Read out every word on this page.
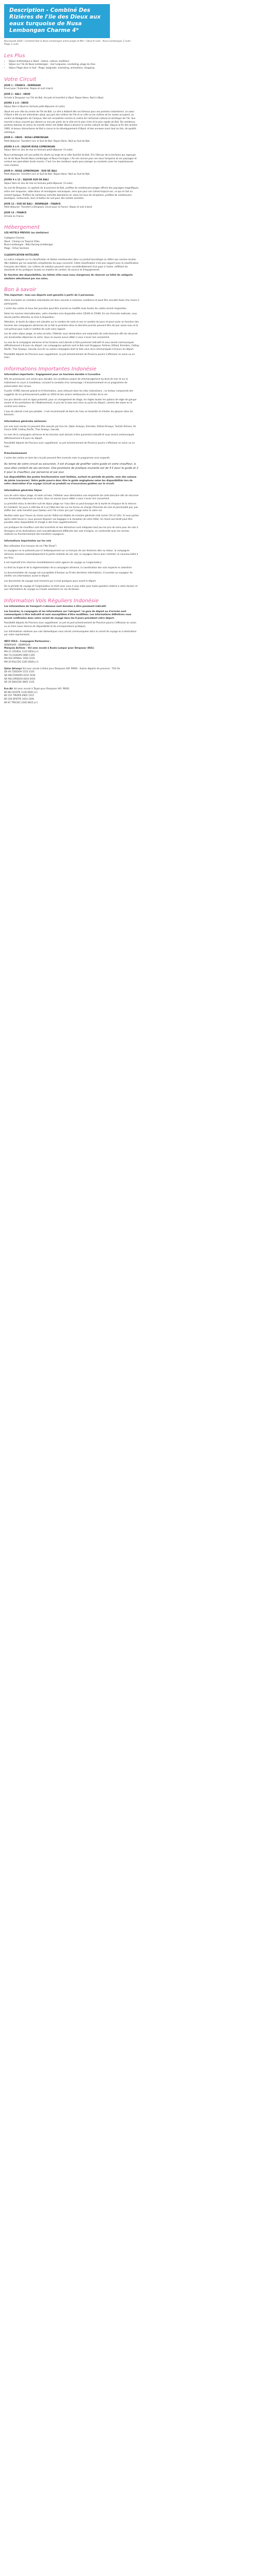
Description - Combiné Des Rizières de l'île des Dieux aux eaux turquoise de Nusa Lembongan Charme 4*
Nouveauté 2026 ! Combiné Bali & Nusa Lembongan entre Jungle et Mer ! Ubud 4 nuits - Nusa Lembongan 3 nuits - Plage 3 nuits
Les Plus
• Séjour Authentique à Ubud : nature, culture, traditions
• Séjour sur l'île de Nusa Lembongan : mer turquoise, snorkeling, plage de rêve
• Séjour Plage dans le Sud : Plage, baignade, snorkeling, animations, shopping
Votre Circuit
JOUR 1 : FRANCE - DENPASAR

Envol pour l'Indonésie. Repas et nuit à bord.

JOUR 2 : BALI - UBUD

Arrivée à Denpasar sur l'île de Bali. Accueil et transfert à Ubud. Repas libres. Nuit à Ubud.

JOURS 2 à 6 : UBUD

Séjour libre à Ubud en formule petit-déjeuner (4 nuits).

Ubud est une ville du centre de l'île de Bali. La ville a élaboré été ces fameux pour ses peintres indonésiens. Le cœur d'Ubud a été ou est indonésien ubud, qui part des rizières de l'île et un ville ou les rizières et les routes occupent, au centre du Balagendre de Campuo. Elle est considérée comme le centre de l'artisanat culturel et artistique de l'île. Son marché a deux couvert qui vibrent un moi par partir de la ville est le plus riche et le plus rapide de Bali. De nombreux peintres balinais et venus du monde entier ont établi Ubud à devenir le centre culturel de Bali. Depuis la fin des années 1960, le beaux interurbaine de Bali a connu le du développement d'Ubud, et des annexes avoir tout au fois, de qualité artistique.

JOUR 6 : UBUD - NUSA LEMBONGAN

Petit-déjeuner. Transfert vers le Sud de Bali. Repas libres. Nuit au Sud de Bali.

JOURS 6 à 9 : SEJOUR NUSA LEMBONGAN

Séjour libre en lieu de mai en formule petit-déjeuner (3 nuits).

Nusa Lembongan est une petite île située au large de la côte Sud-Est de Bali. D'à l'été par de la territoire qui regroupe les île de Nusa Penida Nusa Lembongan et Nusa Ceningan. L'île est connue pour ses eaux turquoise et ses paysages et surtout ses splendides fonds marins. C'est l'un des meilleurs spots pour plonger ou snorkeler avec les majestueuses raies mantas.

JOUR 9 : NUSA LEMBONGAN - SUD DE BALI

Petit-déjeuner. Transfert vers le Sud de Bali. Repas libres. Nuit au Sud de Bali.

JOURS 9 à 12 : SEJOUR SUD DE BALI

Séjour libre en lieu de mai en formule petit-déjeuner (3 nuits).

Au sud de Denpasar, la capitale de la province de Bali, profitez de nombreuses plages offrant des paysages magnifiques, entre mer turquoise, sable blanc et montagnes volcaniques, ainsi que pour son climat tropical sec, ce qui en fait un endroit typique. Profitez de nombreux activités balnéaires et, selon les tous de réceptions, profitez de nombreuses boutiques, restaurants, bars et boîtes de nuit pour des soirées animées.

JOUR 12 : SUD DE BALI - DENPASAR - FRANCE

Petit-déjeuner. Transfert à Denpasar. Envol pour la France. Repas et nuit à bord.

JOUR 13 : FRANCE

Arrivée en France.

Hébergement

LES HOTELS PREVUS (ou similaires)

Catégorie Charme

Ubud : Champ Lio Tropical Villas

Nusa Lembongan : Batu Karang Lembongan

Plage : Octus Sanliane

CLASSIFICATION HOTELIERE

La notice indiquée sur la classification et étoiles mentionnées dans ce produit touristique se réfère aux normes locales (NL) établies par les autorités compétentes du pays concerné. Cette classification n'est pas rapport avec la classification française des hôtels. Les critères de notation peuvent varier considérablement d'un pays à l'autre, reflétant les standards et les pratiques locales en matière de confort, de service et d'équipements.

En fonction des disponibilités, les hôtels cités nous nous chargerons de réserver un hôtel de catégorie similaire sélectionné par nos soins.

Bon à savoir

Très important : tous nos départs sont garantis à partir de 2 personnes.

Votre inscription en chambre individuelle est donc assurée à certaines conditions et peut être annulée faute d'au moins 2 participants.

L'ordre des visites et lieux des journées peut être inversé ou modifié mais toutes les visites seront respectées.

Selon les normes internationales, votre chambre sera disponible entre 12h00 et 15h00. En cas d'arrivée matinale, vous devrez parfois attendre sa mise à disposition.

Attention, la durée du séjour est calculée sur le nombre de nuits et non le nombre de jours et peut varier en fonction des horaires des compagnies aériennes de ce fait la première et/ou la dernière journée peuvent être de jour assez sous et la nuit prévue pour nuits le nombre de nuits sans rapport.

Les de votre séjour plage, et selon arrivée, l'hôtelier vous demandera une empreinte de carte bancaire afin de sécuriser vos éventuelles dépenses en extra. Vous ne saurez aucun débit si vous n'avez rien consommé.

La voie de la compagnie aérienne et les horaires sont donnés à titre purement indicatif et vous seront communiqués définitivement à 8 jours du départ. Les compagnies opérant sont le Bali sont Singapour Airlines, Etihad, Emirates, Cathay Pacific, Thai Airways, Garuda, Eva Air ou autres compagnie dont la liste vous sera communiquée à 8 jours du départ.

Possibilité départs de Province avec supplément. Le pré acheminement de Province pourra s'effectuer en avion ou en train.

Informations Importantes Indonésie

Information importante : Engagement pour un tourisme durable à Cocoodive

Afin de promouvoir une action plus durable, les conditions propre de remmanagement du bord de mer et sur le traitement en cours à Candidasa, incluant la conduite d'un ramassage / d'assainissement et un programme de préservation des coraux.

À partir d'ORÉ internet gratuit et d'information, avez retrouvé dans les sites indonésiens ; Le lecteur comprends des suggérés de vin précieusement publié en 2024 et des avions remboursés et certain de la vie.

Les prix donnés sont en ligne présenté, pour un changement de stage, les règles toutes les options de règle de groupe seront et les prestations de l'établissement, le prix de la taxe sera mise au point du départ, comme des taxes en le contrat sera retenu.

L'eau du robinet n'est pas potable ; il est recommandé de boire de l'eau en bouteille et d'éviter les glaçons dans les boissons.

Informations générales aériennes

Les vols avec escale (s) peuvent être assurés par Eva Air, Qatar Airways, Emirates, Etihad Airways, Turkish Airlines, Air France KLM, Cathay Pacific, Thai Airways, Garuda.

Le nom de la compagnie aérienne et les horaires sont donnés à titre purement indicatif et vous seront communiqués définitivement à 8 jours du départ.

Possibilité départs de Province avec supplément. Le pré acheminement de Province pourra s'effectuer en avion ou en train.

Préacheminement

L'ordre des visites en tant des circuits peuvent être inversés mais le programme sera respecté.

Au terme de votre circuit ou excursion, il est d'usage de gratifier votre guide et votre chauffeur, si vous êtes content de ses services. Une pourboire de pratique courante est de 4 € pour le guide et 2 € pour le chauffeur, par personne et par jour.

Les disponibilités des postes fonctionnaires sont limitées, surtout en période de pointe, avec des saisons de jointe (vacances). Votre guide pourra donc être le guide anglophone selon les disponibilités lors de votre réservation d'un voyage (circuit ou produit) ou d'excursions guidées sur le circuit.

Informations générales Séjour

Lors de votre séjour plage, et selon arrivée, l'hôtelier vous demandera une empreinte de carte bancaire afin de sécuriser vos éventuelles dépenses en extra. Vous ne saurez aucun débit si vous n'avez rien consommé.

La première et/ou la dernière nuit de séjour plage sur l'eau libre ou peut brusque de la durée et d'espace de la réserve. En Combiné, les jours à côté bas et à un hôtel des îles sur les forces en charge d'horaires de vols et ponctualité pas, pas duffez leur voile transfert pour bateau vers l'île a bien pris par l'usage selon la votre vol.

Veuillez noter que l'heure du check-out de l'hôtel est établie de manière générale midi (entre 11h et 12h). Si vous partez après cette heure-ci, nous pouvez disposer vos bagages à la réception de votre hôtel. Un check-out tardif peut être possible selon disponibilité et chargé si des frais supplémentaires.

Les pratiques de chauffeur sont des transferts et des attractions sont indiquées tout aux les prix de soins pour les vols à étrangers et les destinations sont considérablement différents des vols d'origine, en conformité avec les normes relatives au fonctionnement des transferts voyageurs.

Informations importantes sur les vols

Non-utilisation d'un tronçon de vol ("No Show")

Le voyageur ne se présente pas à l'embarquement sur un tronçon de son itinéraire aller ou retour, la compagnie aérienne annulera automatiquement la partie restante de vos vols, le voyageur devra alors racheter un nouveau billet à ses frais.

Il est impératif d'en informer immédiatement votre agence de voyage ou l'organisateur.

Le droit du trajet et de la réglementation de la compagnie aérienne, la coordination des vols respecte le calendrier.

La documentation de voyage est susceptible d'évoluer au fil des dernières informations, il incombe au voyageur de vérifier ces informations avant le départ.

Les documents de voyage sont transmis par e-mail quelques jours avant le départ.

De la période de voyage et l'organisateur se tient avec vous à vous aider pour toute question relative à votre dossier et aux informations de voyage ou à toute assistance en cas de besoin.

Information Vols Réguliers Indonésie

Les informations de transport ci-dessous sont données à titre purement indicatif.

Les horaires, la compagnie et les informations sur l'aéroport / la gare de départ ou d'arrivée sont communiqués à titre indicatif et sont susceptibles d'être modifiées. Les informations définitives vous seront confirmées dans votre carnet de voyage dans les 8 jours précédant votre départ.

Possibilité départs de Province avec supplément. Le pré et post acheminement de Province pourra s'effectuer en avion ou en train (sous réserve de disponibilité et de correspondance pratique).

Les informations relatives aux vols domestiques vous seront communiquées dans le carnet de voyage ou à destination par notre représentant.

INFO VOLS - Compagnie Partenaires :

DENPASAR - DENPASAR

Malaysia Airlines - Vol avec escale à Kuala Lumpur pour Denpasar (KUL)

MH 21 CDGKUL 1125 0650 J+1

MH 713 KULDPS 0900 1305

MH 832 DPSKUL 1920 2220

MH 20 KULCDG 2345 0640 J+1

Qatar Airways

Vol avec escale à Doha pour Denpasar A/R. PARIS - Autres départs de province : TGV Air

QR 40 CDGDOH 1515 2335

QR 960 DOHDPS 0210 1630

QR 963 DPSDOH 0010 0455

QR 39 DOHCDG 0805 1335

Eva Air

Vol avec escale à Taipei pour Denpasar A/R. PARIS

BR 88 CDGTPE 1130 0645 J+1

BR 255 TPEDPS 0905 1515

BR 256 DPSTPE 1610 2200

BR 87 TPECDG 2340 0815 J+1
